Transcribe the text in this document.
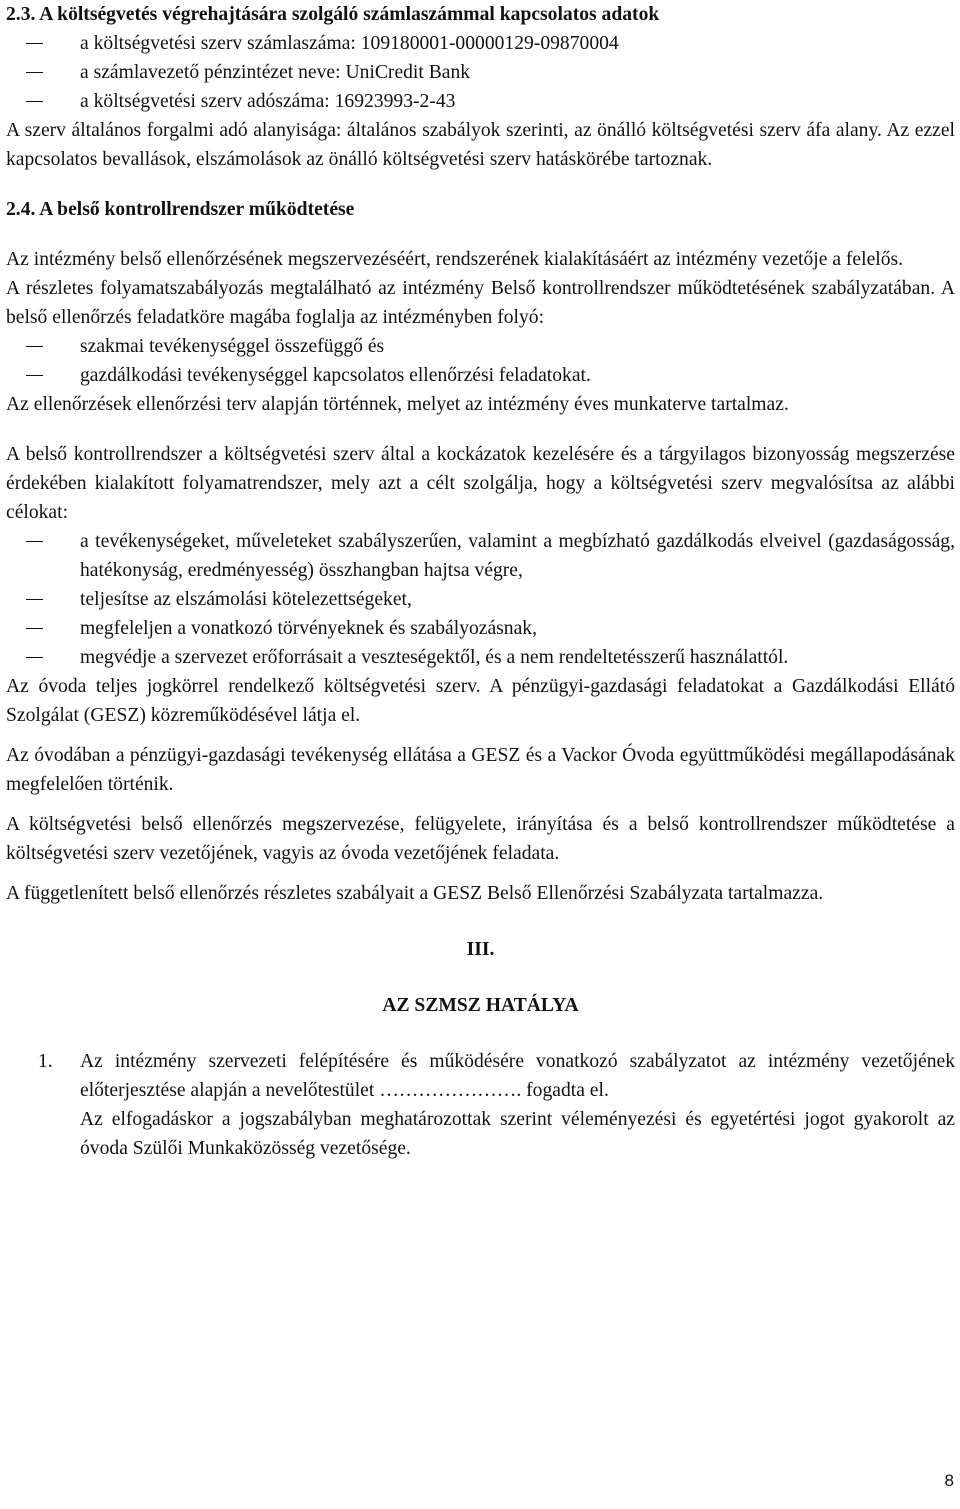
2.3. A költségvetés végrehajtására szolgáló számlaszámmal kapcsolatos adatok
a költségvetési szerv számlaszáma: 109180001-00000129-09870004
a számlavezető pénzintézet neve: UniCredit Bank
a költségvetési szerv adószáma: 16923993-2-43

A szerv általános forgalmi adó alanyisága: általános szabályok szerinti, az önálló költségvetési szerv áfa alany. Az ezzel kapcsolatos bevallások, elszámolások az önálló költségvetési szerv hatáskörébe tartoznak.

2.4. A belső kontrollrendszer működtetése

Az intézmény belső ellenőrzésének megszervezéséért, rendszerének kialakításáért az intézmény vezetője a felelős.

A részletes folyamatszabályozás megtalálható az intézmény Belső kontrollrendszer működtetésének szabályzatában. A belső ellenőrzés feladatköre magába foglalja az intézményben folyó:

szakmai tevékenységgel összefüggő és
gazdálkodási tevékenységgel kapcsolatos ellenőrzési feladatokat.

Az ellenőrzések ellenőrzési terv alapján történnek, melyet az intézmény éves munkaterve tartalmaz.

A belső kontrollrendszer a költségvetési szerv által a kockázatok kezelésére és a tárgyilagos bizonyosság megszerzése érdekében kialakított folyamatrendszer, mely azt a célt szolgálja, hogy a költségvetési szerv megvalósítsa az alábbi célokat:

a tevékenységeket, műveleteket szabályszerűen, valamint a megbízható gazdálkodás elveivel (gazdaságosság, hatékonyság, eredményesség) összhangban hajtsa végre,
teljesítse az elszámolási kötelezettségeket,
megfeleljen a vonatkozó törvényeknek és szabályozásnak,
megvédje a szervezet erőforrásait a veszteségektől, és a nem rendeltetésszerű használattól.

Az óvoda teljes jogkörrel rendelkező költségvetési szerv. A pénzügyi-gazdasági feladatokat a Gazdálkodási Ellátó Szolgálat (GESZ) közreműködésével látja el.

Az óvodában a pénzügyi-gazdasági tevékenység ellátása a GESZ és a Vackor Óvoda együttműködési megállapodásának megfelelően történik.

A költségvetési belső ellenőrzés megszervezése, felügyelete, irányítása és a belső kontrollrendszer működtetése a költségvetési szerv vezetőjének, vagyis az óvoda vezetőjének feladata.

A függetlenített belső ellenőrzés részletes szabályait a GESZ Belső Ellenőrzési Szabályzata tartalmazza.

III.
AZ SZMSZ HATÁLYA
1. Az intézmény szervezeti felépítésére és működésére vonatkozó szabályzatot az intézmény vezetőjének előterjesztése alapján a nevelőtestület …………………. fogadta el.
Az elfogadáskor a jogszabályban meghatározottak szerint véleményezési és egyetértési jogot gyakorolt az óvoda Szülői Munkaközösség vezetősége.
8
